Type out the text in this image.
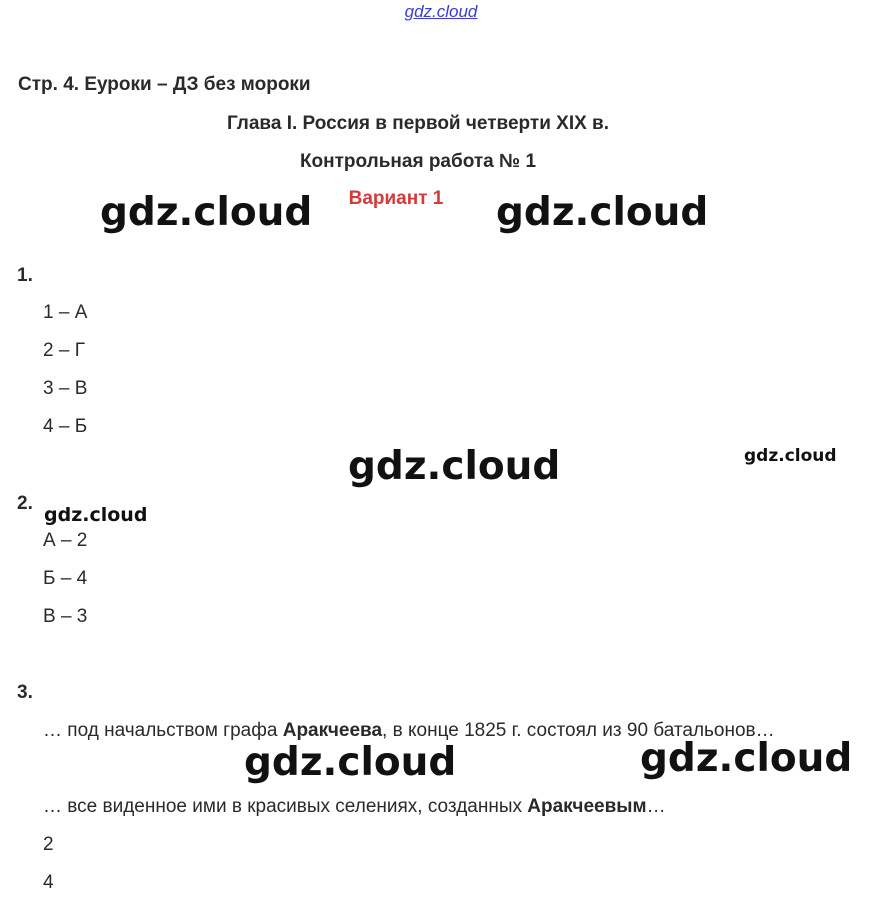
gdz.cloud
Стр. 4. Еуроки – ДЗ без мороки
Глава I. Россия в первой четверти XIX в.
Контрольная работа № 1
Вариант 1
gdz.cloud	gdz.cloud
1.
1 – А
2 – Г
3 – В
4 – Б
gdz.cloud	gdz.cloud
2.
gdz.cloud
А – 2
Б – 4
В – 3
3.
… под начальством графа Аракчеева, в конце 1825 г. состоял из 90 батальонов…
gdz.cloud	gdz.cloud
… все виденное ими в красивых селениях, созданных Аракчеевым…
2
4
